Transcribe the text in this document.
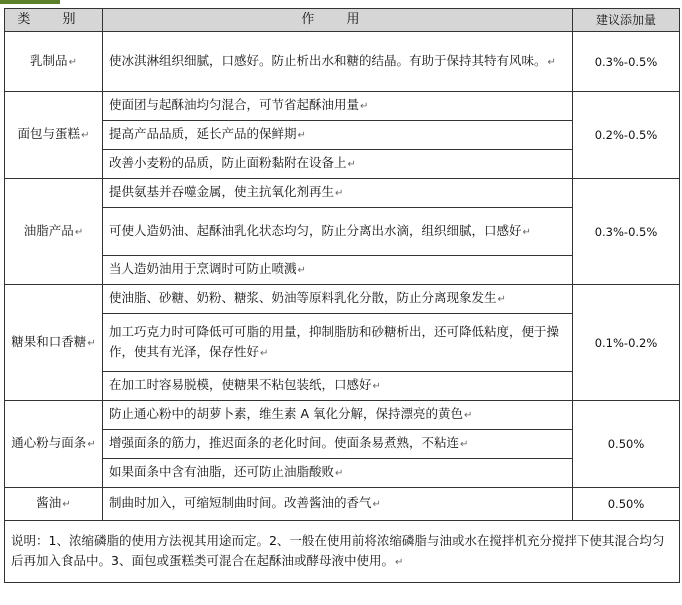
类 别	作 用	建议添加量
乳制品↵	使冰淇淋组织细腻，口感好。防止析出水和糖的结晶。有助于保持其特有风味。↵	0.3%-0.5%
面包与蛋糕↵	使面团与起酥油均匀混合，可节省起酥油用量↵	0.2%-0.5%
	提高产品品质，延长产品的保鲜期↵	
	改善小麦粉的品质，防止面粉黏附在设备上↵	
油脂产品↵	提供氨基并吞噬金属，使主抗氧化剂再生↵	0.3%-0.5%
	可使人造奶油、起酥油乳化状态均匀，防止分离出水滴，组织细腻，口感好↵	
	当人造奶油用于烹调时可防止喷溅↵	
糖果和口香糖↵	使油脂、砂糖、奶粉、糖浆、奶油等原料乳化分散，防止分离现象发生↵	0.1%-0.2%
	加工巧克力时可降低可可脂的用量，抑制脂肪和砂糖析出，还可降低粘度，便于操作，使其有光泽，保存性好↵	
	在加工时容易脱模，使糖果不粘包装纸，口感好↵	
通心粉与面条↵	防止通心粉中的胡萝卜素，维生素 A 氧化分解，保持漂亮的黄色↵	0.50%
	增强面条的筋力，推迟面条的老化时间。使面条易煮熟，不粘连↵	
	如果面条中含有油脂，还可防止油脂酸败↵	
酱油↵	制曲时加入，可缩短制曲时间。改善酱油的香气↵	0.50%
说明：1、浓缩磷脂的使用方法视其用途而定。2、一般在使用前将浓缩磷脂与油或水在搅拌机充分搅拌下使其混合均匀后再加入食品中。3、面包或蛋糕类可混合在起酥油或酵母液中使用。↵		
